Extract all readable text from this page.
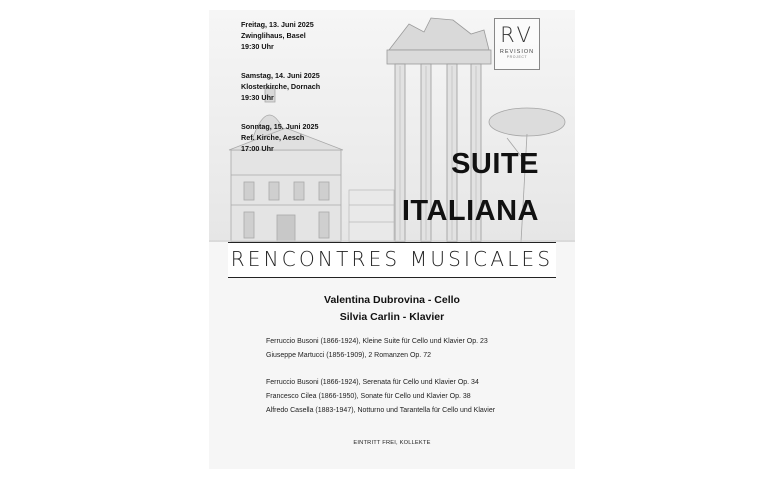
Freitag, 13. Juni 2025
Zwinglihaus, Basel
19:30 Uhr
Samstag, 14. Juni 2025
Klosterkirche, Dornach
19:30 Uhr
Sonntag, 15. Juni 2025
Ref. Kirche, Aesch
17:00 Uhr
RV
REVISION
PROJECT
SUITE
ITALIANA
RENCONTRES MUSICALES
Valentina Dubrovina - Cello
Silvia Carlin - Klavier
Ferruccio Busoni (1866-1924), Kleine Suite für Cello und Klavier Op. 23
Giuseppe Martucci (1856-1909), 2 Romanzen Op. 72
Ferruccio Busoni (1866-1924), Serenata für Cello und Klavier Op. 34
Francesco Cilea (1866-1950), Sonate für Cello und Klavier Op. 38
Alfredo Casella (1883-1947), Notturno und Tarantella für Cello und Klavier
EINTRITT FREI, KOLLEKTE
